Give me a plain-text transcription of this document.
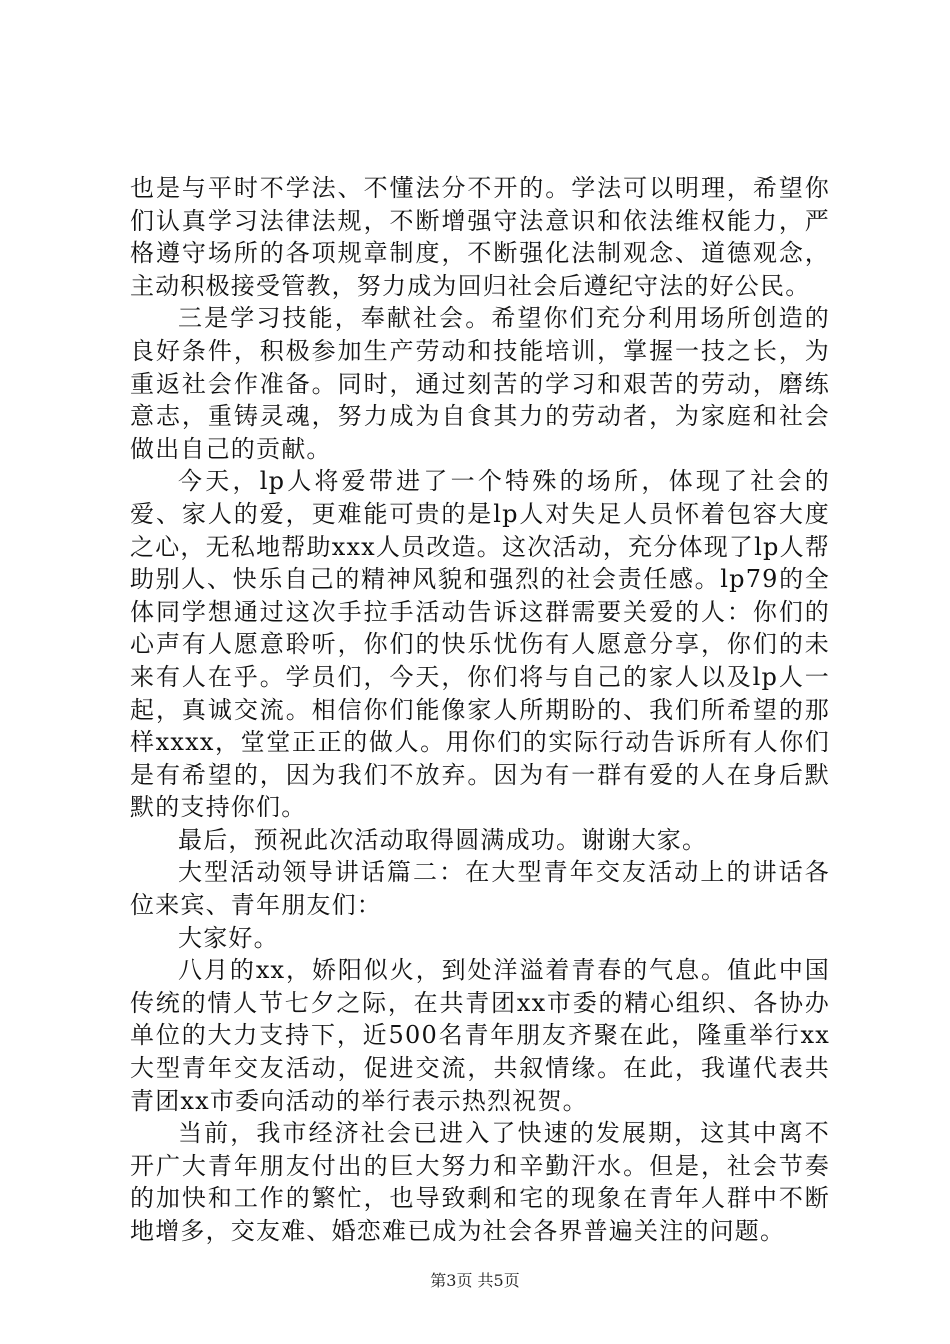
也是与平时不学法、不懂法分不开的。学法可以明理，希望你们认真学习法律法规，不断增强守法意识和依法维权能力，严格遵守场所的各项规章制度，不断强化法制观念、道德观念，主动积极接受管教，努力成为回归社会后遵纪守法的好公民。

三是学习技能，奉献社会。希望你们充分利用场所创造的良好条件，积极参加生产劳动和技能培训，掌握一技之长，为重返社会作准备。同时，通过刻苦的学习和艰苦的劳动，磨练意志，重铸灵魂，努力成为自食其力的劳动者，为家庭和社会做出自己的贡献。

今天，lp人将爱带进了一个特殊的场所，体现了社会的爱、家人的爱，更难能可贵的是lp人对失足人员怀着包容大度之心，无私地帮助xxx人员改造。这次活动，充分体现了lp人帮助别人、快乐自己的精神风貌和强烈的社会责任感。lp79的全体同学想通过这次手拉手活动告诉这群需要关爱的人：你们的心声有人愿意聆听，你们的快乐忧伤有人愿意分享，你们的未来有人在乎。学员们，今天，你们将与自己的家人以及lp人一起，真诚交流。相信你们能像家人所期盼的、我们所希望的那样xxxx，堂堂正正的做人。用你们的实际行动告诉所有人你们是有希望的，因为我们不放弃。因为有一群有爱的人在身后默默的支持你们。

最后，预祝此次活动取得圆满成功。谢谢大家。

大型活动领导讲话篇二：在大型青年交友活动上的讲话各位来宾、青年朋友们：

大家好。

八月的xx，娇阳似火，到处洋溢着青春的气息。值此中国传统的情人节七夕之际，在共青团xx市委的精心组织、各协办单位的大力支持下，近500名青年朋友齐聚在此，隆重举行xx大型青年交友活动，促进交流，共叙情缘。在此，我谨代表共青团xx市委向活动的举行表示热烈祝贺。

当前，我市经济社会已进入了快速的发展期，这其中离不开广大青年朋友付出的巨大努力和辛勤汗水。但是，社会节奏的加快和工作的繁忙，也导致剩和宅的现象在青年人群中不断地增多，交友难、婚恋难已成为社会各界普遍关注的问题。

第3页 共5页
